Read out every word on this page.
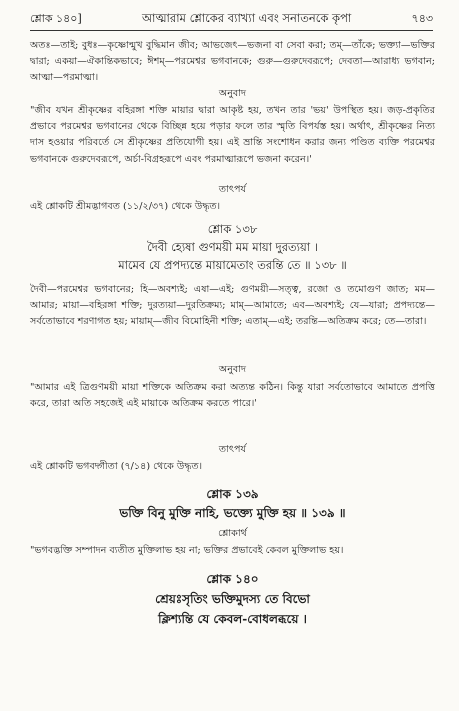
শ্লোক ১৪০]	আত্মারাম শ্লোকের ব্যাখ্যা এবং সনাতনকে কৃপা	৭৪৩
অতঃ—তাই; বুধঃ—কৃষ্ণোন্মুখ বুদ্ধিমান জীব; আভজেৎ—ভজনা বা সেবা করা; তম্—তাঁকে; ভক্ত্যা—ভক্তির দ্বারা; একয়া—ঐকান্তিকভাবে; ঈশম্—পরমেশ্বর ভগবানকে; গুরু—গুরুদেবরূপে; দেবতা—আরাধ্য ভগবান; আত্মা—পরমাত্মা।
অনুবাদ
"জীব যখন শ্রীকৃষ্ণের বহিরঙ্গা শক্তি মায়ার দ্বারা আকৃষ্ট হয়, তখন তার 'ভয়' উপস্থিত হয়। জড়-প্রকৃতির প্রভাবে পরমেশ্বর ভগবানের থেকে বিচ্ছিন্ন হয়ে পড়ার ফলে তার স্মৃতি বিপর্যস্ত হয়। অর্থাৎ, শ্রীকৃষ্ণের নিত্য দাস হওয়ার পরিবর্তে সে শ্রীকৃষ্ণের প্রতিযোগী হয়। এই ভ্রান্তি সংশোধন করার জন্য পণ্ডিত ব্যক্তি পরমেশ্বর ভগবানকে গুরুদেবরূপে, অর্চা-বিগ্রহরূপে এবং পরমাত্মারূপে ভজনা করেন।'
তাৎপর্য
এই শ্লোকটি শ্রীমদ্ভাগবত (১১/২/৩৭) থেকে উদ্ধৃত।
শ্লোক ১৩৮
দৈবী হ্যেষা গুণময়ী মম মায়া দুরত্যয়া ।
মামেব যে প্রপদ্যন্তে মায়ামেতাং তরন্তি তে ॥ ১৩৮ ॥
দৈবী—পরমেশ্বর ভগবানের; হি—অবশ্যই; এষা—এই; গুণময়ী—সত্ত্ব, রজো ও তমোগুণ জাত; মম—আমার; মায়া—বহিরঙ্গা শক্তি; দুরত্যয়া—দুরতিক্রম্য; মাম্—আমাতে; এব—অবশ্যই; যে—যারা; প্রপদ্যন্তে—সর্বতোভাবে শরণাগত হয়; মায়াম্—জীব বিমোহিনী শক্তি; এতাম্—এই; তরন্তি—অতিক্রম করে; তে—তারা।
অনুবাদ
"আমার এই ত্রিগুণময়ী মায়া শক্তিকে অতিক্রম করা অত্যন্ত কঠিন। কিন্তু যারা সর্বতোভাবে আমাতে প্রপত্তি করে, তারা অতি সহজেই এই মায়াকে অতিক্রম করতে পারে।'
তাৎপর্য
এই শ্লোকটি ভগবদ্গীতা (৭/১৪) থেকে উদ্ধৃত।
শ্লোক ১৩৯
ভক্তি বিনু মুক্তি নাহি, ভক্ত্যে মুক্তি হয় ॥ ১৩৯ ॥
শ্লোকার্থ
"ভগবদ্ভক্তি সম্পাদন ব্যতীত মুক্তিলাভ হয় না; ভক্তির প্রভাবেই কেবল মুক্তিলাভ হয়।
শ্লোক ১৪০
শ্রেয়ঃসৃতিং ভক্তিমুদস্য তে বিভো
ক্লিশ্যন্তি যে কেবল-বোধলব্ধয়ে ।
